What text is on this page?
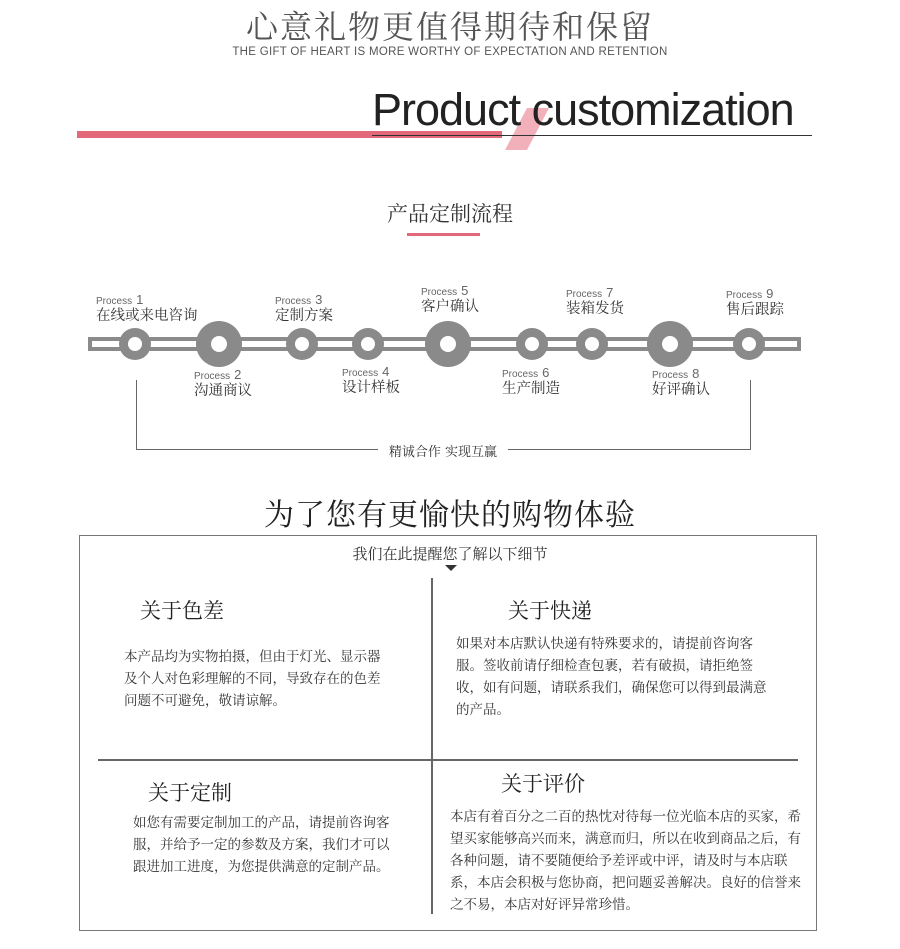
心意礼物更值得期待和保留
THE GIFT OF HEART IS MORE WORTHY OF EXPECTATION AND RETENTION
Product customization
产品定制流程
Process 1
在线或来电咨询
Process 3
定制方案
Process 5
客户确认
Process 7
装箱发货
Process 9
售后跟踪
Process 2
沟通商议
Process 4
设计样板
Process 6
生产制造
Process 8
好评确认
精诚合作 实现互赢
为了您有更愉快的购物体验
我们在此提醒您了解以下细节
关于色差
本产品均为实物拍摄，但由于灯光、显示器及个人对色彩理解的不同，导致存在的色差问题不可避免，敬请谅解。
关于快递
如果对本店默认快递有特殊要求的，请提前咨询客服。签收前请仔细检查包裹，若有破损，请拒绝签收，如有问题，请联系我们，确保您可以得到最满意的产品。
关于定制
如您有需要定制加工的产品，请提前咨询客服，并给予一定的参数及方案，我们才可以跟进加工进度，为您提供满意的定制产品。
关于评价
本店有着百分之二百的热忱对待每一位光临本店的买家，希望买家能够高兴而来，满意而归，所以在收到商品之后，有各种问题，请不要随便给予差评或中评，请及时与本店联系，本店会积极与您协商，把问题妥善解决。良好的信誉来之不易，本店对好评异常珍惜。
